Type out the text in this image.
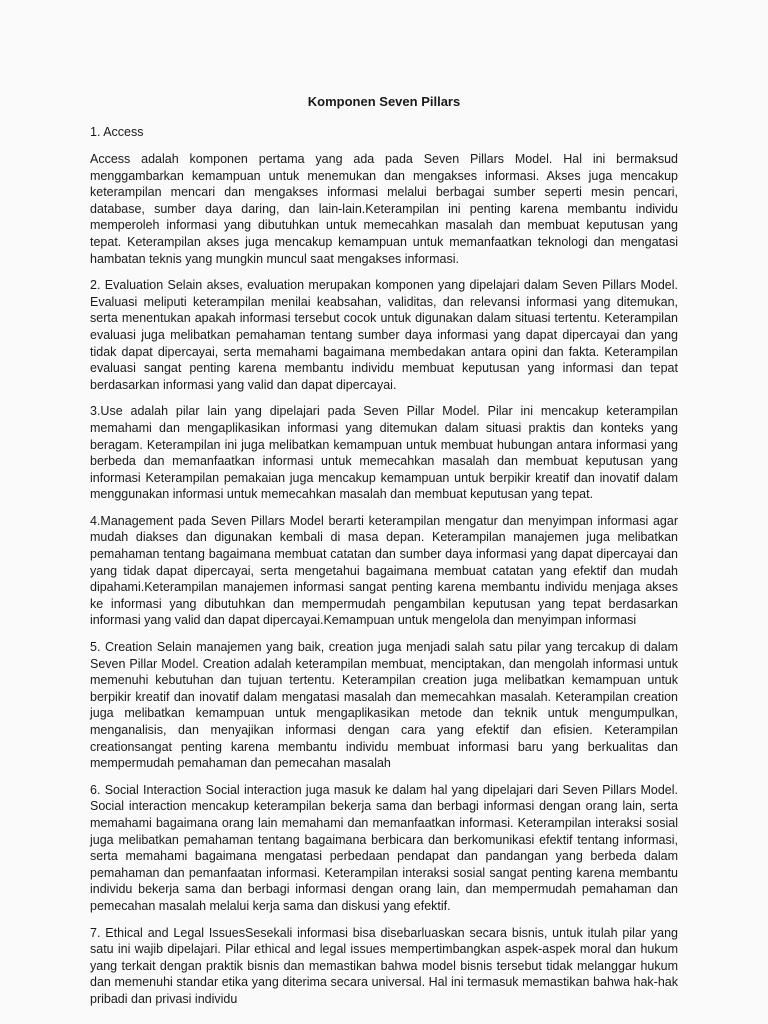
Komponen Seven Pillars
1. Access

Access adalah komponen pertama yang ada pada Seven Pillars Model. Hal ini bermaksud menggambarkan kemampuan untuk menemukan dan mengakses informasi. Akses juga mencakup keterampilan mencari dan mengakses informasi melalui berbagai sumber seperti mesin pencari, database, sumber daya daring, dan lain-lain.Keterampilan ini penting karena membantu individu memperoleh informasi yang dibutuhkan untuk memecahkan masalah dan membuat keputusan yang tepat. Keterampilan akses juga mencakup kemampuan untuk memanfaatkan teknologi dan mengatasi hambatan teknis yang mungkin muncul saat mengakses informasi.

2. Evaluation Selain akses, evaluation merupakan komponen yang dipelajari dalam Seven Pillars Model. Evaluasi meliputi keterampilan menilai keabsahan, validitas, dan relevansi informasi yang ditemukan, serta menentukan apakah informasi tersebut cocok untuk digunakan dalam situasi tertentu. Keterampilan evaluasi juga melibatkan pemahaman tentang sumber daya informasi yang dapat dipercayai dan yang tidak dapat dipercayai, serta memahami bagaimana membedakan antara opini dan fakta. Keterampilan evaluasi sangat penting karena membantu individu membuat keputusan yang informasi dan tepat berdasarkan informasi yang valid dan dapat dipercayai.

3.Use adalah pilar lain yang dipelajari pada Seven Pillar Model. Pilar ini mencakup keterampilan memahami dan mengaplikasikan informasi yang ditemukan dalam situasi praktis dan konteks yang beragam. Keterampilan ini juga melibatkan kemampuan untuk membuat hubungan antara informasi yang berbeda dan memanfaatkan informasi untuk memecahkan masalah dan membuat keputusan yang informasi Keterampilan pemakaian juga mencakup kemampuan untuk berpikir kreatif dan inovatif dalam menggunakan informasi untuk memecahkan masalah dan membuat keputusan yang tepat.

4.Management pada Seven Pillars Model berarti keterampilan mengatur dan menyimpan informasi agar mudah diakses dan digunakan kembali di masa depan. Keterampilan manajemen juga melibatkan pemahaman tentang bagaimana membuat catatan dan sumber daya informasi yang dapat dipercayai dan yang tidak dapat dipercayai, serta mengetahui bagaimana membuat catatan yang efektif dan mudah dipahami.Keterampilan manajemen informasi sangat penting karena membantu individu menjaga akses ke informasi yang dibutuhkan dan mempermudah pengambilan keputusan yang tepat berdasarkan informasi yang valid dan dapat dipercayai.Kemampuan untuk mengelola dan menyimpan informasi

5. Creation Selain manajemen yang baik, creation juga menjadi salah satu pilar yang tercakup di dalam Seven Pillar Model. Creation adalah keterampilan membuat, menciptakan, dan mengolah informasi untuk memenuhi kebutuhan dan tujuan tertentu. Keterampilan creation juga melibatkan kemampuan untuk berpikir kreatif dan inovatif dalam mengatasi masalah dan memecahkan masalah. Keterampilan creation juga melibatkan kemampuan untuk mengaplikasikan metode dan teknik untuk mengumpulkan, menganalisis, dan menyajikan informasi dengan cara yang efektif dan efisien. Keterampilan creationsangat penting karena membantu individu membuat informasi baru yang berkualitas dan mempermudah pemahaman dan pemecahan masalah

6. Social Interaction Social interaction juga masuk ke dalam hal yang dipelajari dari Seven Pillars Model. Social interaction mencakup keterampilan bekerja sama dan berbagi informasi dengan orang lain, serta memahami bagaimana orang lain memahami dan memanfaatkan informasi. Keterampilan interaksi sosial juga melibatkan pemahaman tentang bagaimana berbicara dan berkomunikasi efektif tentang informasi, serta memahami bagaimana mengatasi perbedaan pendapat dan pandangan yang berbeda dalam pemahaman dan pemanfaatan informasi. Keterampilan interaksi sosial sangat penting karena membantu individu bekerja sama dan berbagi informasi dengan orang lain, dan mempermudah pemahaman dan pemecahan masalah melalui kerja sama dan diskusi yang efektif.

7. Ethical and Legal IssuesSesekali informasi bisa disebarluaskan secara bisnis, untuk itulah pilar yang satu ini wajib dipelajari. Pilar ethical and legal issues mempertimbangkan aspek-aspek moral dan hukum yang terkait dengan praktik bisnis dan memastikan bahwa model bisnis tersebut tidak melanggar hukum dan memenuhi standar etika yang diterima secara universal. Hal ini termasuk memastikan bahwa hak-hak pribadi dan privasi individu
